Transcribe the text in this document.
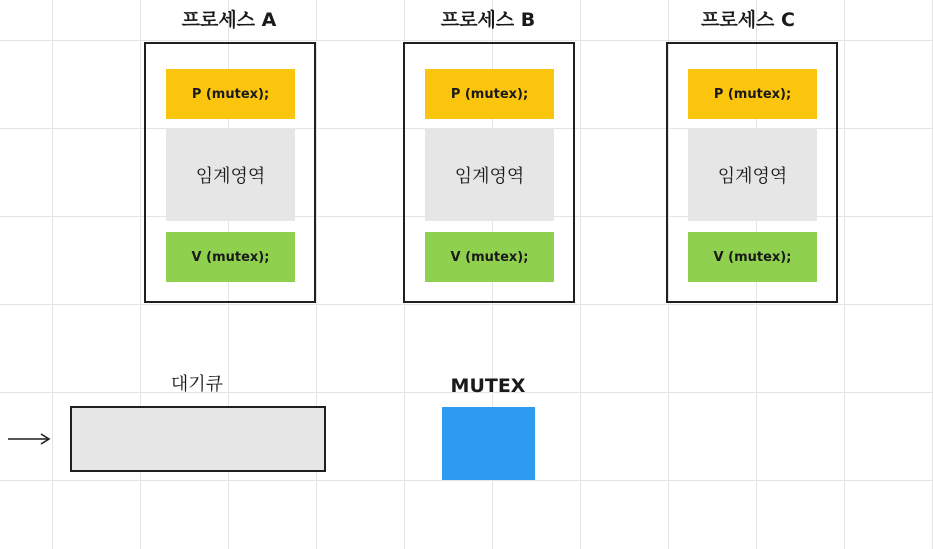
프로세스 A
P (mutex);
임계영역
V (mutex);
프로세스 B
P (mutex);
임계영역
V (mutex);
프로세스 C
P (mutex);
임계영역
V (mutex);
대기큐	MUTEX
